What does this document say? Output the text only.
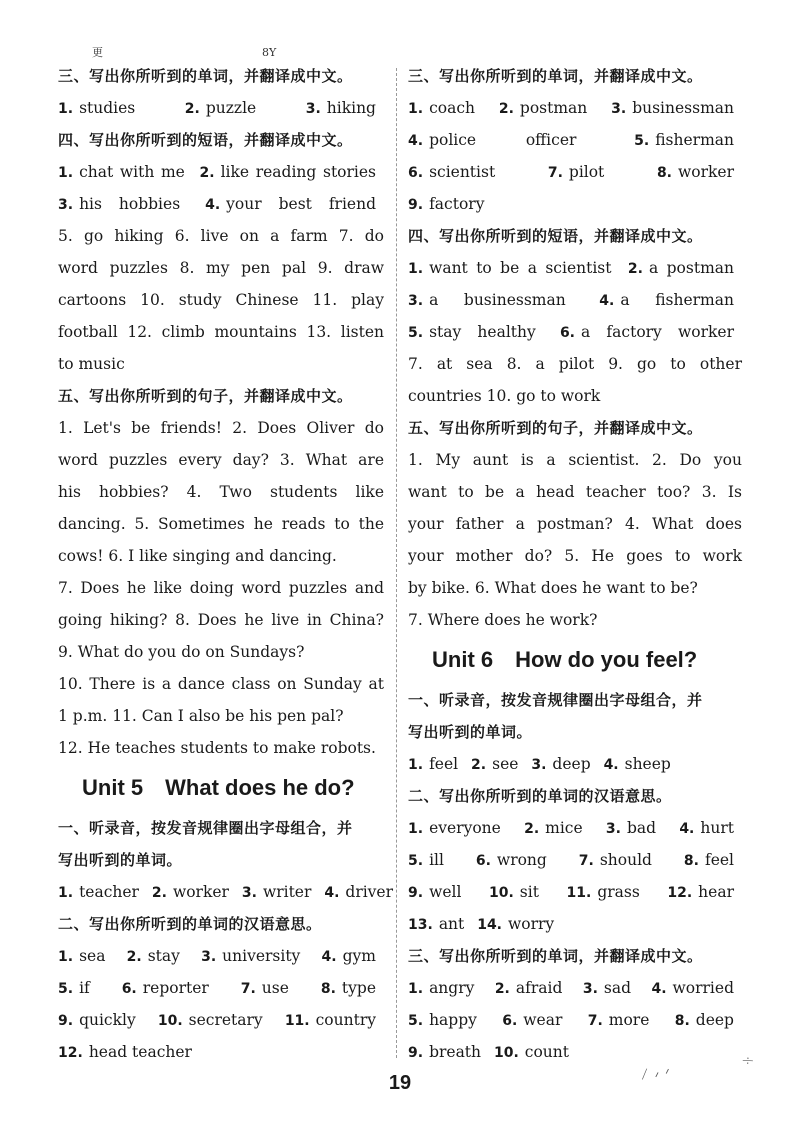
更	8Y
三、写出你所听到的单词，并翻译成中文。
1. studies	2. puzzle	3. hiking
四、写出你所听到的短语，并翻译成中文。
1. chat with me 2. like reading stories
3. his hobbies 4. your best friend
5. go hiking 6. live on a farm 7. do
word puzzles 8. my pen pal 9. draw
cartoons 10. study Chinese 11. play
football 12. climb mountains 13. listen
to music
五、写出你所听到的句子，并翻译成中文。
1. Let's be friends! 2. Does Oliver do
word puzzles every day? 3. What are
his hobbies? 4. Two students like
dancing. 5. Sometimes he reads to the
cows! 6. I like singing and dancing.
7. Does he like doing word puzzles and
going hiking? 8. Does he live in China?
9. What do you do on Sundays?
10. There is a dance class on Sunday at
1 p.m. 11. Can I also be his pen pal?
12. He teaches students to make robots.
Unit 5 What does he do?
一、听录音，按发音规律圈出字母组合，并
写出听到的单词。
1. teacher 2. worker 3. writer 4. driver
二、写出你所听到的单词的汉语意思。
1. sea 2. stay 3. university 4. gym
5. if 6. reporter 7. use 8. type
9. quickly 10. secretary 11. country
12. head teacher
三、写出你所听到的单词，并翻译成中文。
1. coach 2. postman 3. businessman
4. police officer	5. fisherman
6. scientist	7. pilot	8. worker
9. factory
四、写出你所听到的短语，并翻译成中文。
1. want to be a scientist 2. a postman
3. a businessman 4. a fisherman
5. stay healthy 6. a factory worker
7. at sea 8. a pilot 9. go to other
countries 10. go to work
五、写出你所听到的句子，并翻译成中文。
1. My aunt is a scientist. 2. Do you
want to be a head teacher too? 3. Is
your father a postman? 4. What does
your mother do? 5. He goes to work
by bike. 6. What does he want to be?
7. Where does he work?
Unit 6 How do you feel?
一、听录音，按发音规律圈出字母组合，并
写出听到的单词。
1. feel 2. see 3. deep 4. sheep
二、写出你所听到的单词的汉语意思。
1. everyone 2. mice 3. bad 4. hurt
5. ill 6. wrong 7. should 8. feel
9. well 10. sit 11. grass 12. hear
13. ant 14. worry
三、写出你所听到的单词，并翻译成中文。
1. angry 2. afraid 3. sad 4. worried
5. happy 6. wear 7. more 8. deep
9. breath 10. count
19
⟋ ⸝ ⸝	⸓
